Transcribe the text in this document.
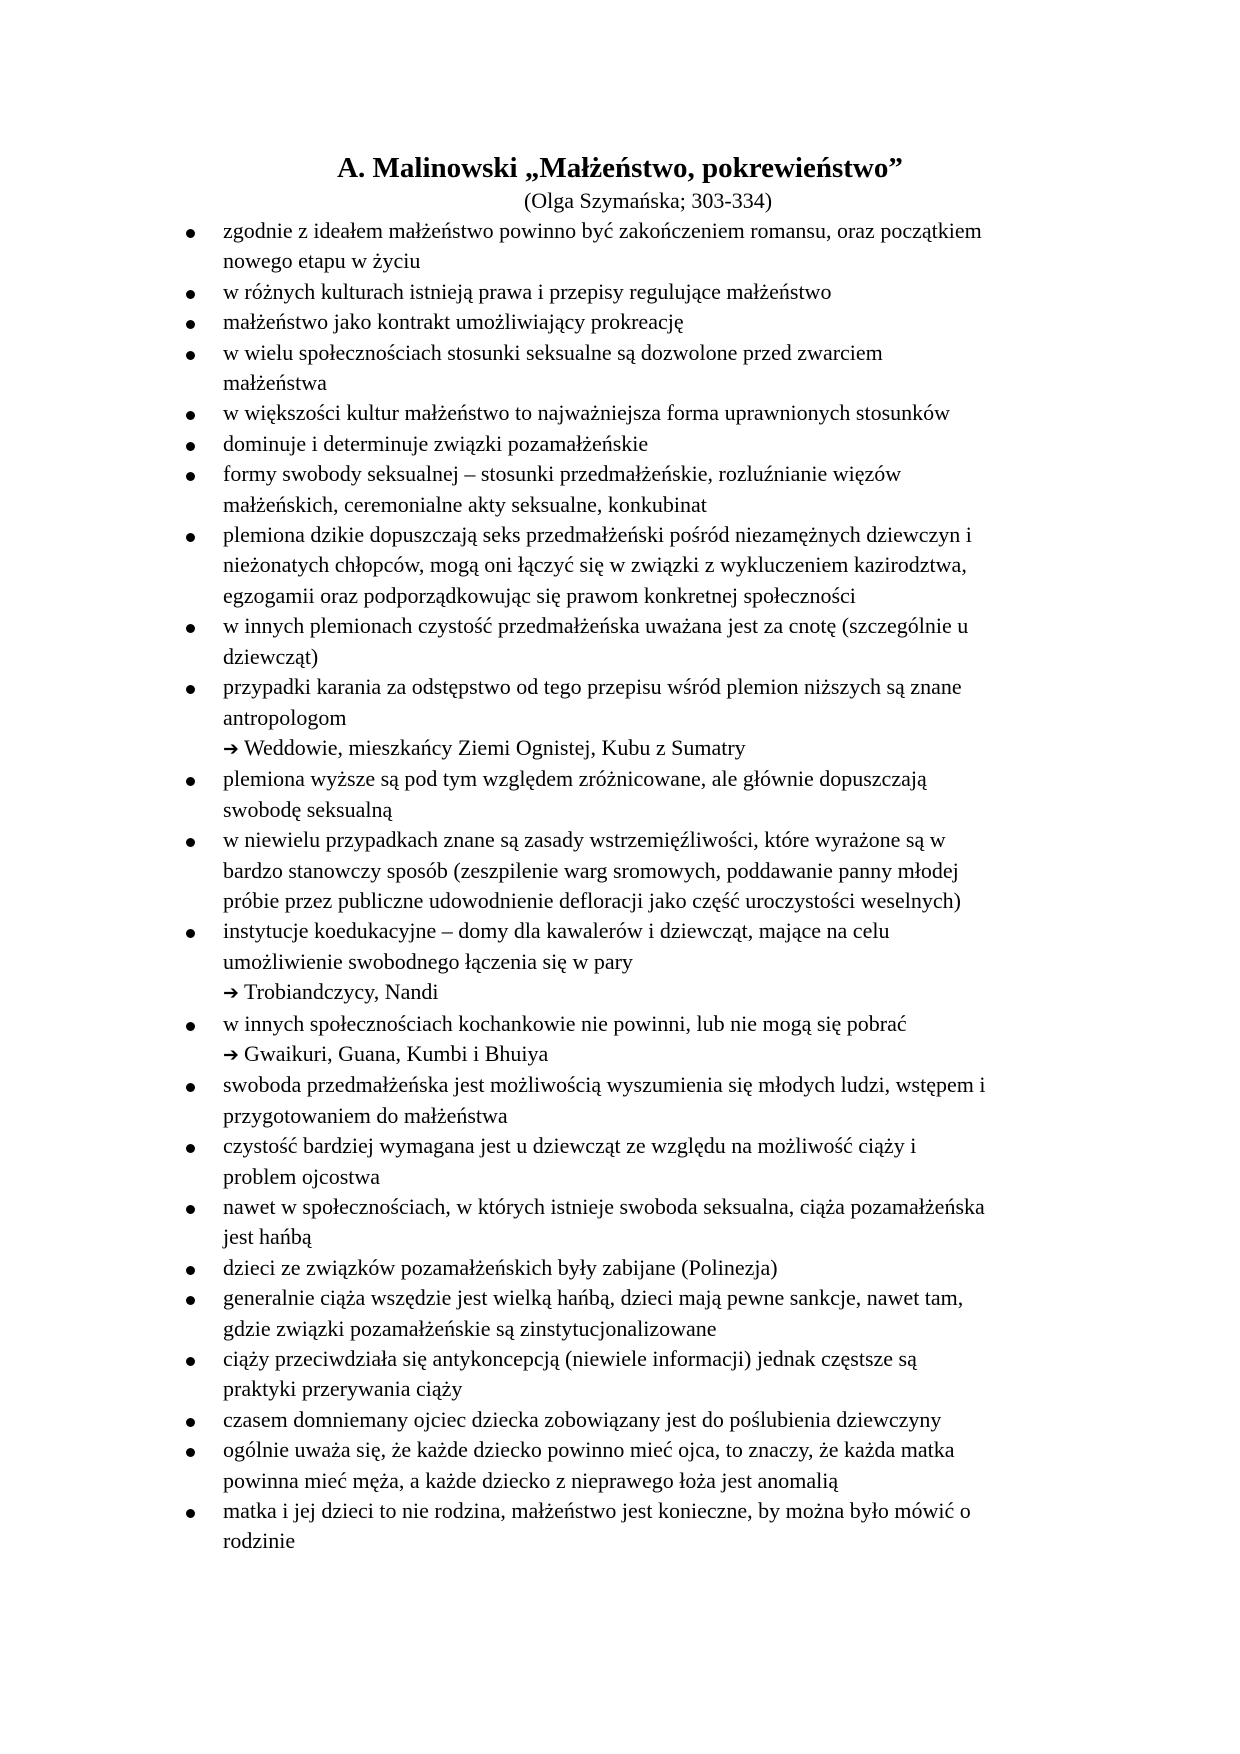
A. Malinowski „Małżeństwo, pokrewieństwo”
(Olga Szymańska; 303-334)
zgodnie z ideałem małżeństwo powinno być zakończeniem romansu, oraz początkiem
nowego etapu w życiu
w różnych kulturach istnieją prawa i przepisy regulujące małżeństwo
małżeństwo jako kontrakt umożliwiający prokreację
w wielu społecznościach stosunki seksualne są dozwolone przed zwarciem
małżeństwa
w większości kultur małżeństwo to najważniejsza forma uprawnionych stosunków
dominuje i determinuje związki pozamałżeńskie
formy swobody seksualnej – stosunki przedmałżeńskie, rozluźnianie więzów
małżeńskich, ceremonialne akty seksualne, konkubinat
plemiona dzikie dopuszczają seks przedmałżeński pośród niezamężnych dziewczyn i
nieżonatych chłopców, mogą oni łączyć się w związki z wykluczeniem kazirodztwa,
egzogamii oraz podporządkowując się prawom konkretnej społeczności
w innych plemionach czystość przedmałżeńska uważana jest za cnotę (szczególnie u
dziewcząt)
przypadki karania za odstępstwo od tego przepisu wśród plemion niższych są znane
antropologom
➔ Weddowie, mieszkańcy Ziemi Ognistej, Kubu z Sumatry
plemiona wyższe są pod tym względem zróżnicowane, ale głównie dopuszczają
swobodę seksualną
w niewielu przypadkach znane są zasady wstrzemięźliwości, które wyrażone są w
bardzo stanowczy sposób (zeszpilenie warg sromowych, poddawanie panny młodej
próbie przez publiczne udowodnienie defloracji jako część uroczystości weselnych)
instytucje koedukacyjne – domy dla kawalerów i dziewcząt, mające na celu
umożliwienie swobodnego łączenia się w pary
➔ Trobiandczycy, Nandi
w innych społecznościach kochankowie nie powinni, lub nie mogą się pobrać
➔ Gwaikuri, Guana, Kumbi i Bhuiya
swoboda przedmałżeńska jest możliwością wyszumienia się młodych ludzi, wstępem i
przygotowaniem do małżeństwa
czystość bardziej wymagana jest u dziewcząt ze względu na możliwość ciąży i
problem ojcostwa
nawet w społecznościach, w których istnieje swoboda seksualna, ciąża pozamałżeńska
jest hańbą
dzieci ze związków pozamałżeńskich były zabijane (Polinezja)
generalnie ciąża wszędzie jest wielką hańbą, dzieci mają pewne sankcje, nawet tam,
gdzie związki pozamałżeńskie są zinstytucjonalizowane
ciąży przeciwdziała się antykoncepcją (niewiele informacji) jednak częstsze są
praktyki przerywania ciąży
czasem domniemany ojciec dziecka zobowiązany jest do poślubienia dziewczyny
ogólnie uważa się, że każde dziecko powinno mieć ojca, to znaczy, że każda matka
powinna mieć męża, a każde dziecko z nieprawego łoża jest anomalią
matka i jej dzieci to nie rodzina, małżeństwo jest konieczne, by można było mówić o
rodzinie
